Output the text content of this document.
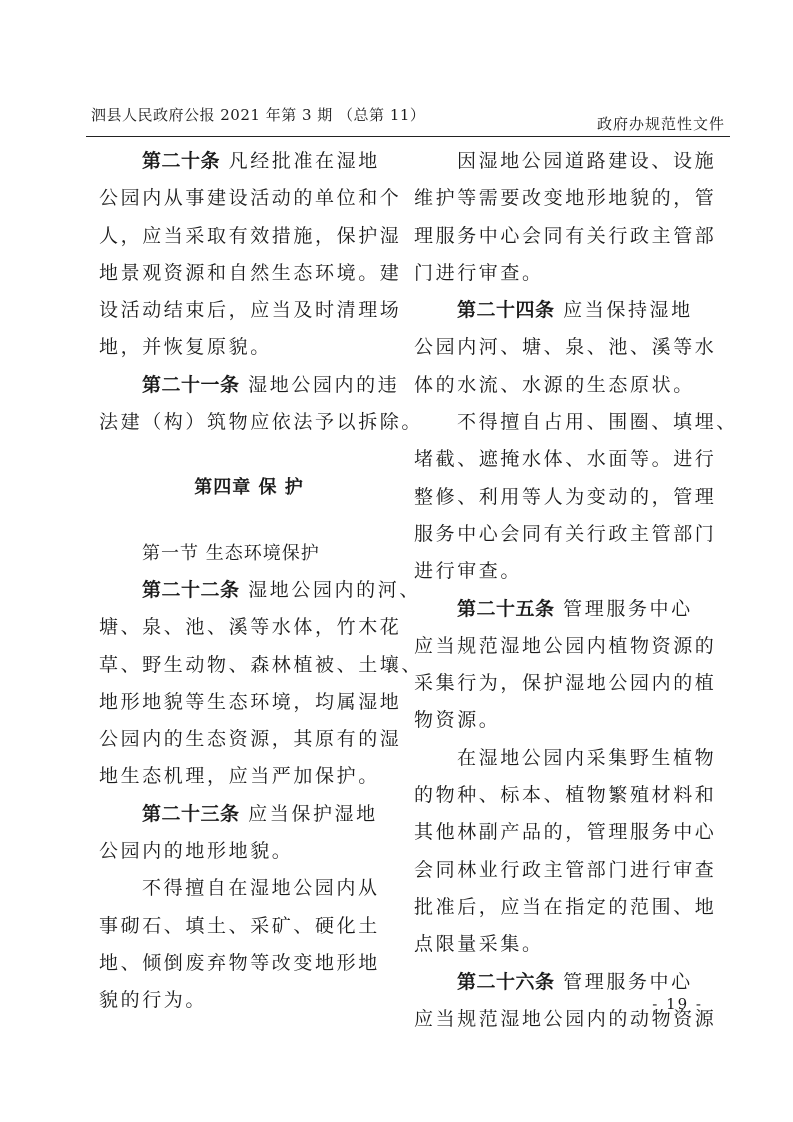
泗县人民政府公报 2021 年第 3 期 （总第 11）	政府办规范性文件
第二十条 凡经批准在湿地
公园内从事建设活动的单位和个
人，应当采取有效措施，保护湿
地景观资源和自然生态环境。建
设活动结束后，应当及时清理场
地，并恢复原貌。
第二十一条 湿地公园内的违
法建（构）筑物应依法予以拆除。
第四章 保 护
第一节 生态环境保护
第二十二条 湿地公园内的河、
塘、泉、池、溪等水体，竹木花
草、野生动物、森林植被、土壤、
地形地貌等生态环境，均属湿地
公园内的生态资源，其原有的湿
地生态机理，应当严加保护。
第二十三条 应当保护湿地
公园内的地形地貌。
不得擅自在湿地公园内从
事砌石、填土、采矿、硬化土
地、倾倒废弃物等改变地形地
貌的行为。
因湿地公园道路建设、设施
维护等需要改变地形地貌的，管
理服务中心会同有关行政主管部
门进行审查。
第二十四条 应当保持湿地
公园内河、塘、泉、池、溪等水
体的水流、水源的生态原状。
不得擅自占用、围圈、填埋、
堵截、遮掩水体、水面等。进行
整修、利用等人为变动的，管理
服务中心会同有关行政主管部门
进行审查。
第二十五条 管理服务中心
应当规范湿地公园内植物资源的
采集行为，保护湿地公园内的植
物资源。
在湿地公园内采集野生植物
的物种、标本、植物繁殖材料和
其他林副产品的，管理服务中心
会同林业行政主管部门进行审查
批准后，应当在指定的范围、地
点限量采集。
第二十六条 管理服务中心
应当规范湿地公园内的动物资源
- 19 -
